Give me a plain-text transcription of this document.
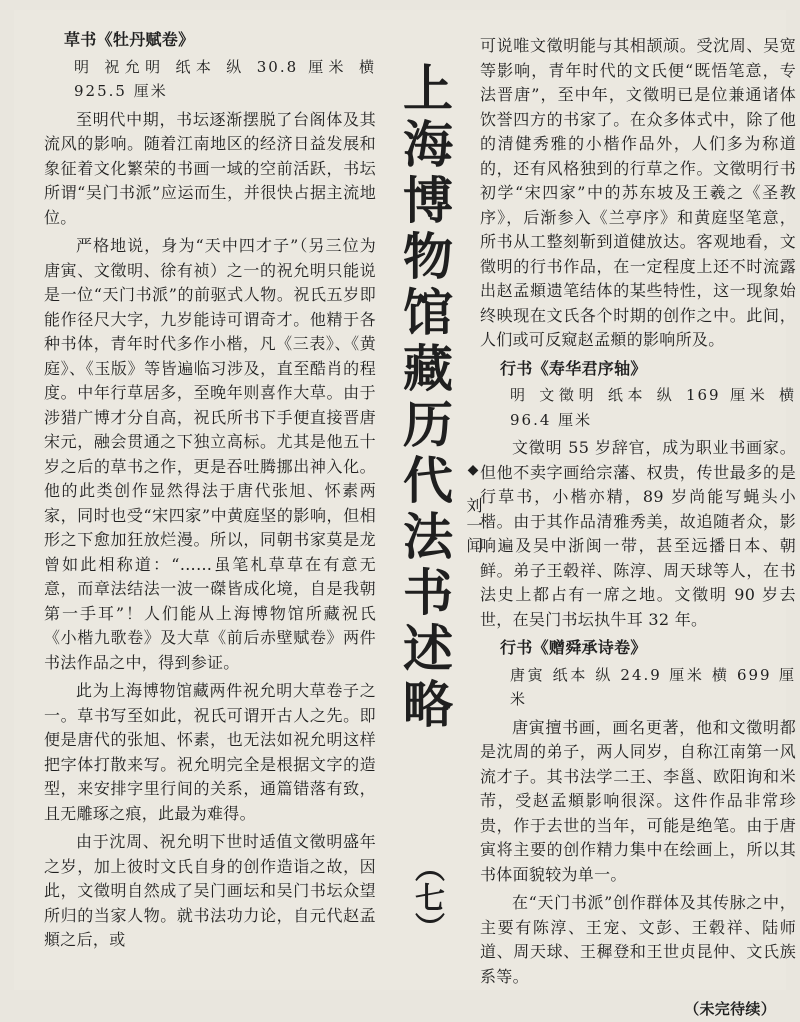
草书《牡丹赋卷》
明 祝允明 纸本 纵 30.8 厘米 横 925.5 厘米

至明代中期，书坛逐渐摆脱了台阁体及其流风的影响。随着江南地区的经济日益发展和象征着文化繁荣的书画一域的空前活跃，书坛所谓“吴门书派”应运而生，并很快占据主流地位。

严格地说，身为“天中四才子”（另三位为唐寅、文徵明、徐有祯）之一的祝允明只能说是一位“天门书派”的前驱式人物。祝氏五岁即能作径尺大字，九岁能诗可谓奇才。他精于各种书体，青年时代多作小楷，凡《三表》、《黄庭》、《玉版》等皆遍临习涉及，直至酷肖的程度。中年行草居多，至晚年则喜作大草。由于涉猎广博才分自高，祝氏所书下手便直接晋唐宋元，融会贯通之下独立高标。尤其是他五十岁之后的草书之作，更是吞吐腾挪出神入化。他的此类创作显然得法于唐代张旭、怀素两家，同时也受“宋四家”中黄庭坚的影响，但相形之下愈加狂放烂漫。所以，同朝书家莫是龙曾如此相称道：“……虽笔札草草在有意无意，而章法结法一波一磔皆成化境，自是我朝第一手耳”！人们能从上海博物馆所藏祝氏《小楷九歌卷》及大草《前后赤壁赋卷》两件书法作品之中，得到参证。

此为上海博物馆藏两件祝允明大草卷子之一。草书写至如此，祝氏可谓开古人之先。即便是唐代的张旭、怀素，也无法如祝允明这样把字体打散来写。祝允明完全是根据文字的造型，来安排字里行间的关系，通篇错落有致，且无雕琢之痕，此最为难得。

由于沈周、祝允明下世时适值文徵明盛年之岁，加上彼时文氏自身的创作造诣之故，因此，文徵明自然成了吴门画坛和吴门书坛众望所归的当家人物。就书法功力论，自元代赵孟頫之后，或

上海博物馆藏历代法书述略 ◆ 刘一闻
（七）

可说唯文徵明能与其相颉颃。受沈周、吴宽等影响，青年时代的文氏便“既悟笔意，专法晋唐”，至中年，文徵明已是位兼通诸体饮誉四方的书家了。在众多体式中，除了他的清健秀雅的小楷作品外，人们多为称道的，还有风格独到的行草之作。文徵明行书初学“宋四家”中的苏东坡及王羲之《圣教序》，后渐参入《兰亭序》和黄庭坚笔意，所书从工整刻靳到道健放达。客观地看，文徵明的行书作品，在一定程度上还不时流露出赵孟頫遗笔结体的某些特性，这一现象始终映现在文氏各个时期的创作之中。此间，人们或可反窥赵孟頫的影响所及。

行书《寿华君序轴》
明 文徵明 纸本 纵 169 厘米 横 96.4 厘米

文徵明 55 岁辞官，成为职业书画家。但他不卖字画给宗藩、权贵，传世最多的是行草书，小楷亦精，89 岁尚能写蝇头小楷。由于其作品清雅秀美，故追随者众，影响遍及吴中浙闽一带，甚至远播日本、朝鲜。弟子王毂祥、陈淳、周天球等人，在书法史上都占有一席之地。文徵明 90 岁去世，在吴门书坛执牛耳 32 年。

行书《赠舜承诗卷》
唐寅 纸本 纵 24.9 厘米 横 699 厘米

唐寅擅书画，画名更著，他和文徵明都是沈周的弟子，两人同岁，自称江南第一风流才子。其书法学二王、李邕、欧阳询和米芾，受赵孟頫影响很深。这件作品非常珍贵，作于去世的当年，可能是绝笔。由于唐寅将主要的创作精力集中在绘画上，所以其书体面貌较为单一。

在“天门书派”创作群体及其传脉之中，主要有陈淳、王宠、文彭、王毂祥、陆师道、周天球、王穉登和王世贞昆仲、文氏族系等。

（未完待续）
